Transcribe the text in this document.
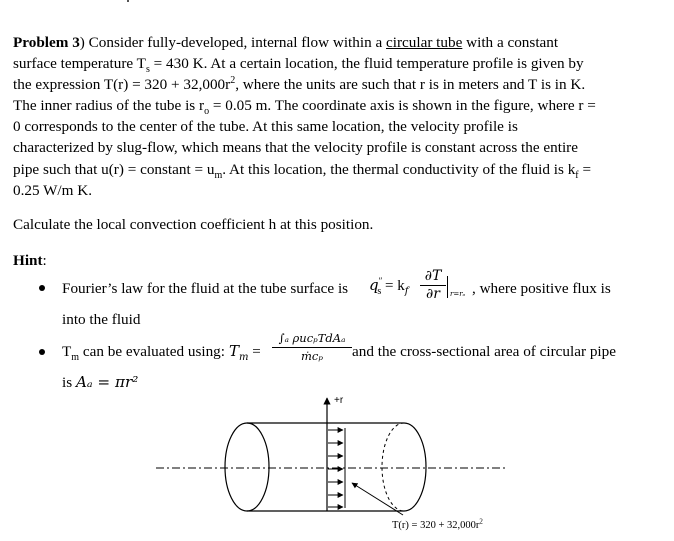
Problem 3) Consider fully-developed, internal flow within a circular tube with a constant
surface temperature $T_s = 430$ K. At a certain location, the fluid temperature profile is given by
the expression $T(r) = 320 + 32,000r^2$, where the units are such that r is in meters and T is in K.
The inner radius of the tube is $r_o = 0.05$ m. The coordinate axis is shown in the figure, where r =
0 corresponds to the center of the tube. At this same location, the velocity profile is
characterized by slug-flow, which means that the velocity profile is constant across the entire
pipe such that u(r) = constant = $u_m$. At this location, the thermal conductivity of the fluid is $k_f$ =
0.25 W/m K.
Calculate the local convection coefficient h at this position.
Hint:
Fourier’s law for the fluid at the tube surface is $q''_s = k_f \frac{\partial T}{\partial r} r=r_o$ , where positive flux is
into the fluid
$T_m$ can be evaluated using: $T_m$ =
∫ₐ ρucₚTdAₐ
ṁcₚ	and the cross-sectional area of circular pipe
is Aₐ = πr²
+r
$T(r) = 320 + 32,000r^2$
